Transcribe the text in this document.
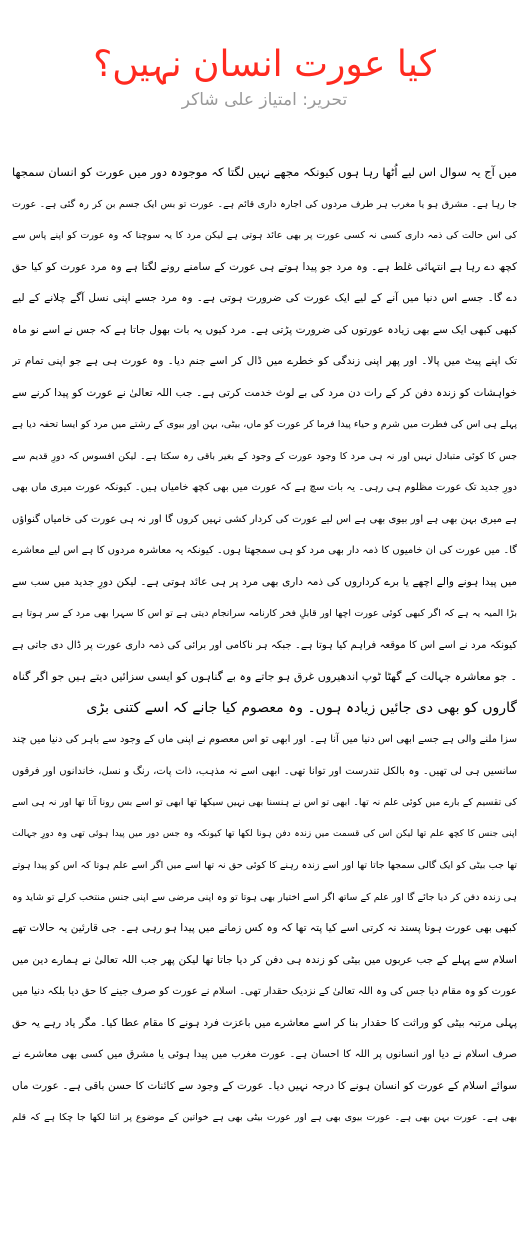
کیا عورت انسان نہیں؟
تحریر: امتیاز علی شاکر
میں آج یہ سوال اس لیے اُٹھا رہا ہوں کیونکہ مجھے نہیں لگتا کہ موجودہ دور میں عورت کو انسان سمجھا
جا رہا ہے۔ مشرق ہو یا مغرب ہر طرف مردوں کی اجارہ داری قائم ہے۔ عورت تو بس ایک جسم بن کر رہ گئی ہے۔ عورت
کی اس حالت کی ذمہ داری کسی نہ کسی عورت پر بھی عائد ہوتی ہے لیکن مرد کا یہ سوچنا کہ وہ عورت کو اپنے پاس سے
کچھ دے رہا ہے انتہائی غلط ہے۔ وہ مرد جو پیدا ہوتے ہی عورت کے سامنے رونے لگتا ہے وہ مرد عورت کو کیا حق
دے گا۔ جسے اس دنیا میں آنے کے لیے ایک عورت کی ضرورت ہوتی ہے۔ وہ مرد جسے اپنی نسل آگے چلانے کے لیے
کبھی کبھی ایک سے بھی زیادہ عورتوں کی ضرورت پڑتی ہے۔ مرد کیوں یہ بات بھول جاتا ہے کہ جس نے اسے نو ماہ
تک اپنے پیٹ میں پالا۔ اور پھر اپنی زندگی کو خطرے میں ڈال کر اسے جنم دیا۔ وہ عورت ہی ہے جو اپنی تمام تر
خواہشات کو زندہ دفن کر کے رات دن مرد کی بے لوث خدمت کرتی ہے۔ جب اللہ تعالیٰ نے عورت کو پیدا کرنے سے
پہلے ہی اس کی فطرت میں شرم و حیاء پیدا فرما کر عورت کو ماں، بیٹی، بہن اور بیوی کے رشتے میں مرد کو ایسا تحفہ دیا ہے
جس کا کوئی متبادل نہیں اور نہ ہی مرد کا وجود عورت کے وجود کے بغیر باقی رہ سکتا ہے۔ لیکن افسوس کہ دورِ قدیم سے
دورِ جدید تک عورت مظلوم ہی رہی۔ یہ بات سچ ہے کہ عورت میں بھی کچھ خامیاں ہیں۔ کیونکہ عورت میری ماں بھی
ہے میری بہن بھی ہے اور بیوی بھی ہے اس لیے عورت کی کردار کشی نہیں کروں گا اور نہ ہی عورت کی خامیاں گنواؤں
گا۔ میں عورت کی ان خامیوں کا ذمہ دار بھی مرد کو ہی سمجھتا ہوں۔ کیونکہ یہ معاشرہ مردوں کا ہے اس لیے معاشرے
میں پیدا ہونے والے اچھے یا برے کرداروں کی ذمہ داری بھی مرد پر ہی عائد ہوتی ہے۔ لیکن دورِ جدید میں سب سے
بڑا المیہ یہ ہے کہ اگر کبھی کوئی عورت اچھا اور قابلِ فخر کارنامہ سرانجام دیتی ہے تو اس کا سہرا بھی مرد کے سر ہوتا ہے
کیونکہ مرد نے اسے اس کا موقعہ فراہم کیا ہوتا ہے۔ جبکہ ہر ناکامی اور برائی کی ذمہ داری عورت پر ڈال دی جاتی ہے
۔ جو معاشرہ جہالت کے گھٹا ٹوپ اندھیروں غرق ہو جاتے وہ بے گناہوں کو ایسی سزائیں دیتے ہیں جو اگر گناہ
گاروں کو بھی دی جائیں زیادہ ہوں۔ وہ معصوم کیا جانے کہ اسے کتنی بڑی
سزا ملنے والی ہے جسے ابھی اس دنیا میں آنا ہے۔ اور ابھی تو اس معصوم نے اپنی ماں کے وجود سے باہر کی دنیا میں چند
سانسیں ہی لی تھیں۔ وہ بالکل تندرست اور توانا تھی۔ ابھی اسے نہ مذہب، ذات پات، رنگ و نسل، خاندانوں اور فرقوں
کی تقسیم کے بارے میں کوئی علم نہ تھا۔ ابھی تو اس نے ہنسنا بھی نہیں سیکھا تھا ابھی تو اسے بس رونا آتا تھا اور نہ ہی اسے
اپنی جنس کا کچھ علم تھا لیکن اس کی قسمت میں زندہ دفن ہونا لکھا تھا کیونکہ وہ جس دور میں پیدا ہوئی تھی وہ دورِ جہالت
تھا جب بیٹی کو ایک گالی سمجھا جاتا تھا اور اسے زندہ رہنے کا کوئی حق نہ تھا اسے میں اگر اسے علم ہوتا کہ اس کو پیدا ہوتے
ہی زندہ دفن کر دیا جائے گا اور علم کے ساتھ اگر اسے اختیار بھی ہوتا تو وہ اپنی مرضی سے اپنی جنس منتخب کرلے تو شاید وہ
کبھی بھی عورت ہونا پسند نہ کرتی اسے کیا پتہ تھا کہ وہ کس زمانے میں پیدا ہو رہی ہے۔ جی قارئین یہ حالات تھے
اسلام سے پہلے کے جب عربوں میں بیٹی کو زندہ ہی دفن کر دیا جاتا تھا لیکن پھر جب اللہ تعالیٰ نے ہمارے دین میں
عورت کو وہ مقام دیا جس کی وہ اللہ تعالیٰ کے نزدیک حقدار تھی۔ اسلام نے عورت کو صرف جینے کا حق دیا بلکہ دنیا میں
پہلی مرتبہ بیٹی کو وراثت کا حقدار بنا کر اسے معاشرے میں باعزت فرد ہونے کا مقام عطا کیا۔ مگر یاد رہے یہ حق
صرف اسلام نے دیا اور انسانوں پر اللہ کا احسان ہے۔ عورت مغرب میں پیدا ہوئی یا مشرق میں کسی بھی معاشرے نے
سوائے اسلام کے عورت کو انسان ہونے کا درجہ نہیں دیا۔ عورت کے وجود سے کائنات کا حسن باقی ہے۔ عورت ماں
بھی ہے۔ عورت بہن بھی ہے۔ عورت بیوی بھی ہے اور عورت بیٹی بھی ہے خواتین کے موضوع پر اتنا لکھا جا چکا ہے کہ قلم
